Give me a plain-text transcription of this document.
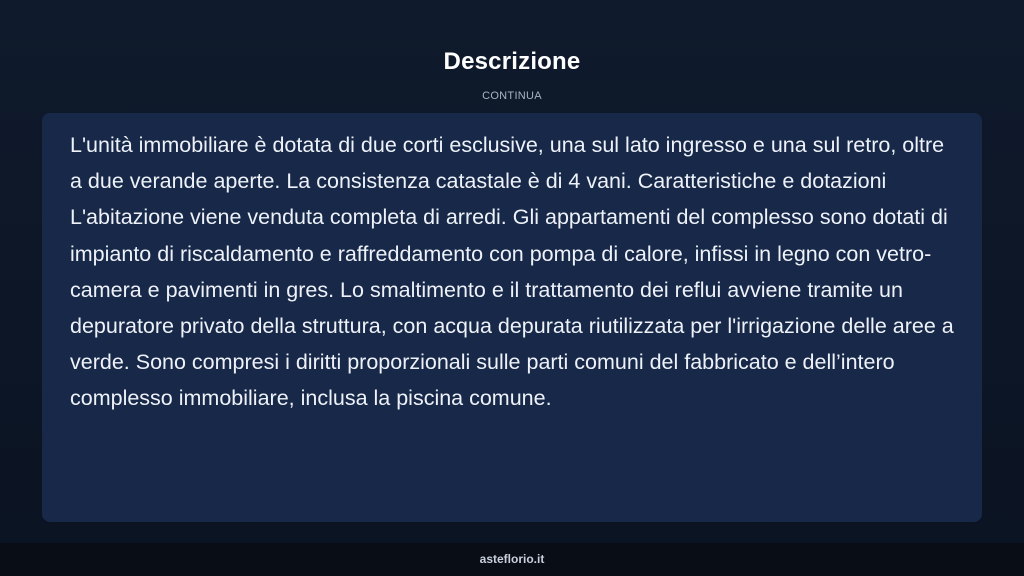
Descrizione
CONTINUA

L'unità immobiliare è dotata di due corti esclusive, una sul lato ingresso e una sul retro, oltre a due verande aperte. La consistenza catastale è di 4 vani. Caratteristiche e dotazioni L'abitazione viene venduta completa di arredi. Gli appartamenti del complesso sono dotati di impianto di riscaldamento e raffreddamento con pompa di calore, infissi in legno con vetro-camera e pavimenti in gres. Lo smaltimento e il trattamento dei reflui avviene tramite un depuratore privato della struttura, con acqua depurata riutilizzata per l'irrigazione delle aree a verde. Sono compresi i diritti proporzionali sulle parti comuni del fabbricato e dell’intero complesso immobiliare, inclusa la piscina comune.

asteflorio.it
